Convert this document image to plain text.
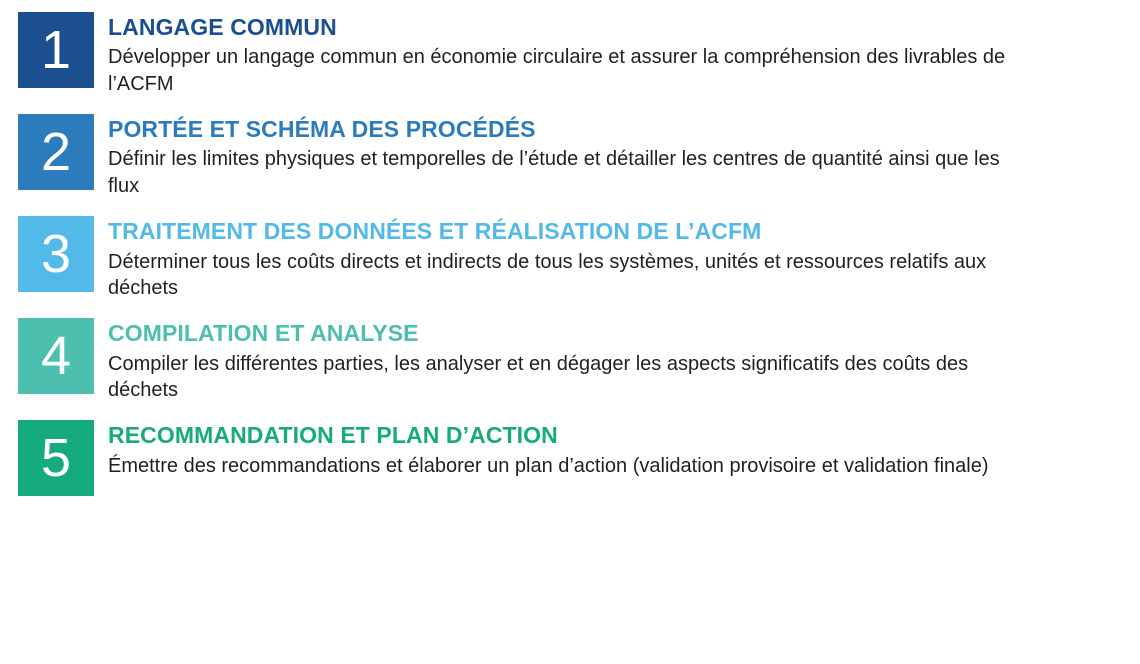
1	LANGAGE COMMUN
Développer un langage commun en économie circulaire et assurer la compréhension des livrables de l’ACFM
2	PORTÉE ET SCHÉMA DES PROCÉDÉS
Définir les limites physiques et temporelles de l’étude et détailler les centres de quantité ainsi que les flux
3	TRAITEMENT DES DONNÉES ET RÉALISATION DE L’ACFM
Déterminer tous les coûts directs et indirects de tous les systèmes, unités et ressources relatifs aux déchets
4	COMPILATION ET ANALYSE
Compiler les différentes parties, les analyser et en dégager les aspects significatifs des coûts des déchets
5	RECOMMANDATION ET PLAN D’ACTION
Émettre des recommandations et élaborer un plan d’action (validation provisoire et validation finale)
